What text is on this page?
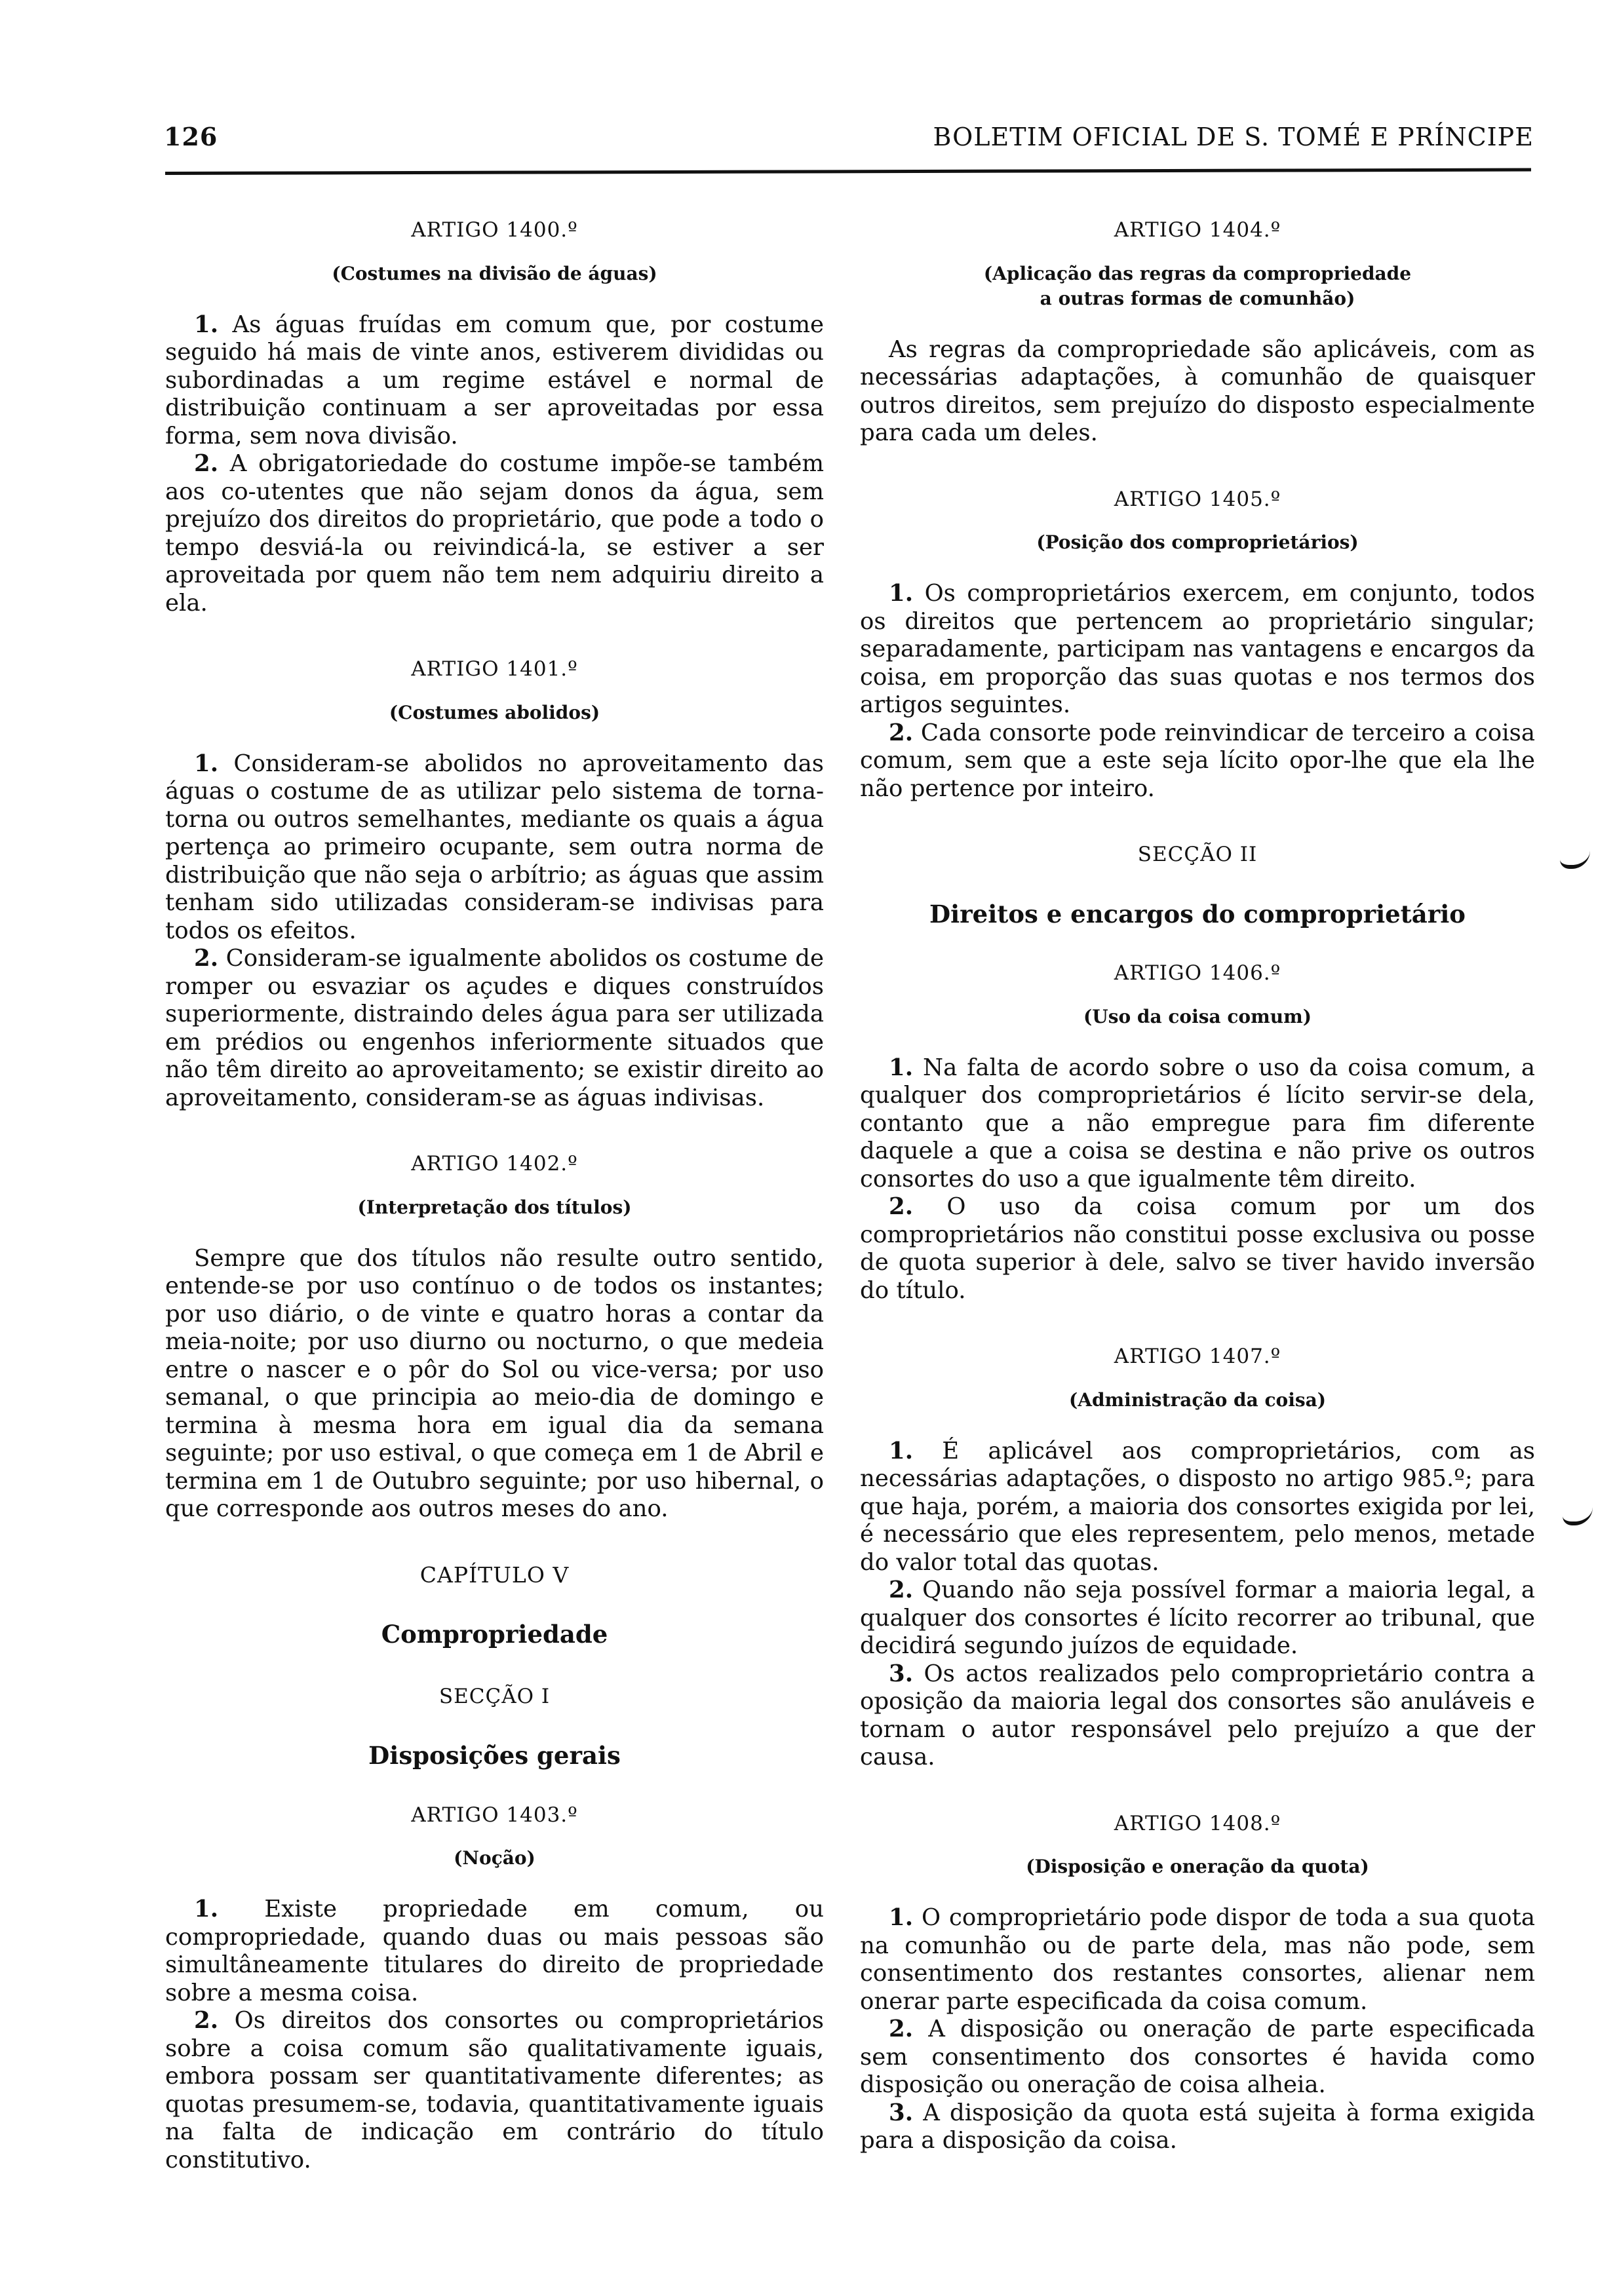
126	BOLETIM OFICIAL DE S. TOMÉ E PRÍNCIPE
ARTIGO 1400.º
(Costumes na divisão de águas)

1. As águas fruídas em comum que, por costume seguido há mais de vinte anos, estiverem divididas ou subordinadas a um regime estável e normal de distribuição continuam a ser aproveitadas por essa forma, sem nova divisão.

2. A obrigatoriedade do costume impõe-se também aos co-utentes que não sejam donos da água, sem prejuízo dos direitos do proprietário, que pode a todo o tempo desviá-la ou reivindicá-la, se estiver a ser aproveitada por quem não tem nem adquiriu direito a ela.

ARTIGO 1401.º
(Costumes abolidos)

1. Consideram-se abolidos no aproveitamento das águas o costume de as utilizar pelo sistema de torna-torna ou outros semelhantes, mediante os quais a água pertença ao primeiro ocupante, sem outra norma de distribuição que não seja o arbítrio; as águas que assim tenham sido utilizadas consideram-se indivisas para todos os efeitos.

2. Consideram-se igualmente abolidos os costume de romper ou esvaziar os açudes e diques construídos superiormente, distraindo deles água para ser utilizada em prédios ou engenhos inferiormente situados que não têm direito ao aproveitamento; se existir direito ao aproveitamento, consideram-se as águas indivisas.

ARTIGO 1402.º
(Interpretação dos títulos)

Sempre que dos títulos não resulte outro sentido, entende-se por uso contínuo o de todos os instantes; por uso diário, o de vinte e quatro horas a contar da meia-noite; por uso diurno ou nocturno, o que medeia entre o nascer e o pôr do Sol ou vice-versa; por uso semanal, o que principia ao meio-dia de domingo e termina à mesma hora em igual dia da semana seguinte; por uso estival, o que começa em 1 de Abril e termina em 1 de Outubro seguinte; por uso hibernal, o que corresponde aos outros meses do ano.

CAPÍTULO V
Compropriedade
SECÇÃO I
Disposições gerais
ARTIGO 1403.º
(Noção)

1. Existe propriedade em comum, ou compropriedade, quando duas ou mais pessoas são simultâneamente titulares do direito de propriedade sobre a mesma coisa.

2. Os direitos dos consortes ou comproprietários sobre a coisa comum são qualitativamente iguais, embora possam ser quantitativamente diferentes; as quotas presumem-se, todavia, quantitativamente iguais na falta de indicação em contrário do título constitutivo.

ARTIGO 1404.º
(Aplicação das regras da compropriedade
a outras formas de comunhão)

As regras da compropriedade são aplicáveis, com as necessárias adaptações, à comunhão de quaisquer outros direitos, sem prejuízo do disposto especialmente para cada um deles.

ARTIGO 1405.º
(Posição dos comproprietários)

1. Os comproprietários exercem, em conjunto, todos os direitos que pertencem ao proprietário singular; separadamente, participam nas vantagens e encargos da coisa, em proporção das suas quotas e nos termos dos artigos seguintes.

2. Cada consorte pode reinvindicar de terceiro a coisa comum, sem que a este seja lícito opor-lhe que ela lhe não pertence por inteiro.

SECÇÃO II
Direitos e encargos do comproprietário
ARTIGO 1406.º
(Uso da coisa comum)

1. Na falta de acordo sobre o uso da coisa comum, a qualquer dos comproprietários é lícito servir-se dela, contanto que a não empregue para fim diferente daquele a que a coisa se destina e não prive os outros consortes do uso a que igualmente têm direito.

2. O uso da coisa comum por um dos comproprietários não constitui posse exclusiva ou posse de quota superior à dele, salvo se tiver havido inversão do título.

ARTIGO 1407.º
(Administração da coisa)

1. É aplicável aos comproprietários, com as necessárias adaptações, o disposto no artigo 985.º; para que haja, porém, a maioria dos consortes exigida por lei, é necessário que eles representem, pelo menos, metade do valor total das quotas.

2. Quando não seja possível formar a maioria legal, a qualquer dos consortes é lícito recorrer ao tribunal, que decidirá segundo juízos de equidade.

3. Os actos realizados pelo comproprietário contra a oposição da maioria legal dos consortes são anuláveis e tornam o autor responsável pelo prejuízo a que der causa.

ARTIGO 1408.º
(Disposição e oneração da quota)

1. O comproprietário pode dispor de toda a sua quota na comunhão ou de parte dela, mas não pode, sem consentimento dos restantes consortes, alienar nem onerar parte especificada da coisa comum.

2. A disposição ou oneração de parte especificada sem consentimento dos consortes é havida como disposição ou oneração de coisa alheia.

3. A disposição da quota está sujeita à forma exigida para a disposição da coisa.
